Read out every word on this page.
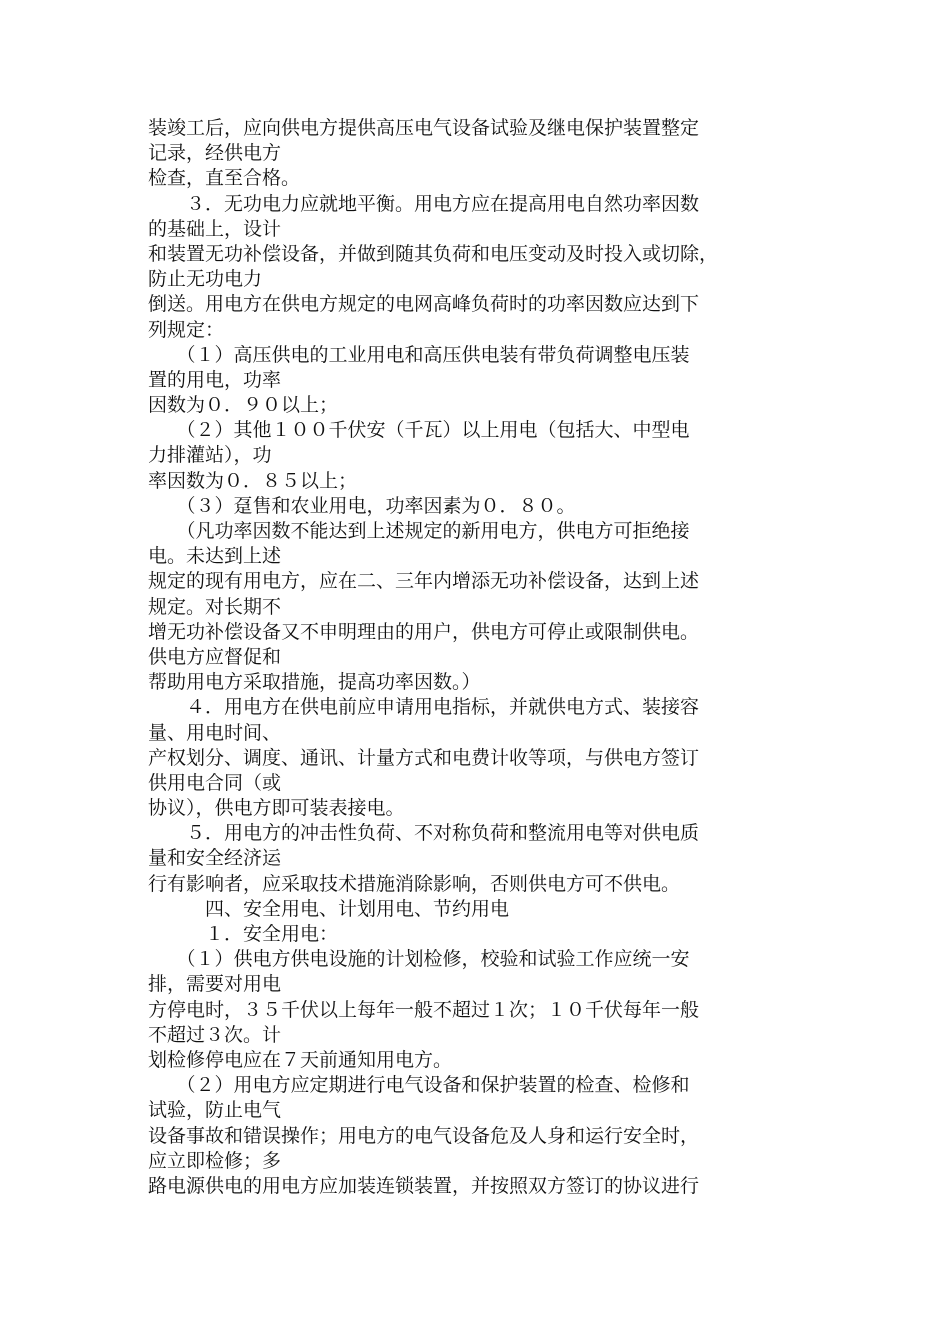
装竣工后，应向供电方提供高压电气设备试验及继电保护装置整定
记录，经供电方
检查，直至合格。
　　３．无功电力应就地平衡。用电方应在提高用电自然功率因数
的基础上，设计
和装置无功补偿设备，并做到随其负荷和电压变动及时投入或切除，
防止无功电力
倒送。用电方在供电方规定的电网高峰负荷时的功率因数应达到下
列规定：
　　（１）高压供电的工业用电和高压供电装有带负荷调整电压装
置的用电，功率
因数为０．９０以上；
　　（２）其他１００千伏安（千瓦）以上用电（包括大、中型电
力排灌站），功
率因数为０．８５以上；
　　（３）趸售和农业用电，功率因素为０．８０。
　　（凡功率因数不能达到上述规定的新用电方，供电方可拒绝接
电。未达到上述
规定的现有用电方，应在二、三年内增添无功补偿设备，达到上述
规定。对长期不
增无功补偿设备又不申明理由的用户，供电方可停止或限制供电。
供电方应督促和
帮助用电方采取措施，提高功率因数。）
　　４．用电方在供电前应申请用电指标，并就供电方式、装接容
量、用电时间、
产权划分、调度、通讯、计量方式和电费计收等项，与供电方签订
供用电合同（或
协议），供电方即可装表接电。
　　５．用电方的冲击性负荷、不对称负荷和整流用电等对供电质
量和安全经济运
行有影响者，应采取技术措施消除影响，否则供电方可不供电。
　　　四、安全用电、计划用电、节约用电
　　　１．安全用电：
　　（１）供电方供电设施的计划检修，校验和试验工作应统一安
排，需要对用电
方停电时，３５千伏以上每年一般不超过１次；１０千伏每年一般
不超过３次。计
划检修停电应在７天前通知用电方。
　　（２）用电方应定期进行电气设备和保护装置的检查、检修和
试验，防止电气
设备事故和错误操作；用电方的电气设备危及人身和运行安全时，
应立即检修；多
路电源供电的用电方应加装连锁装置，并按照双方签订的协议进行
